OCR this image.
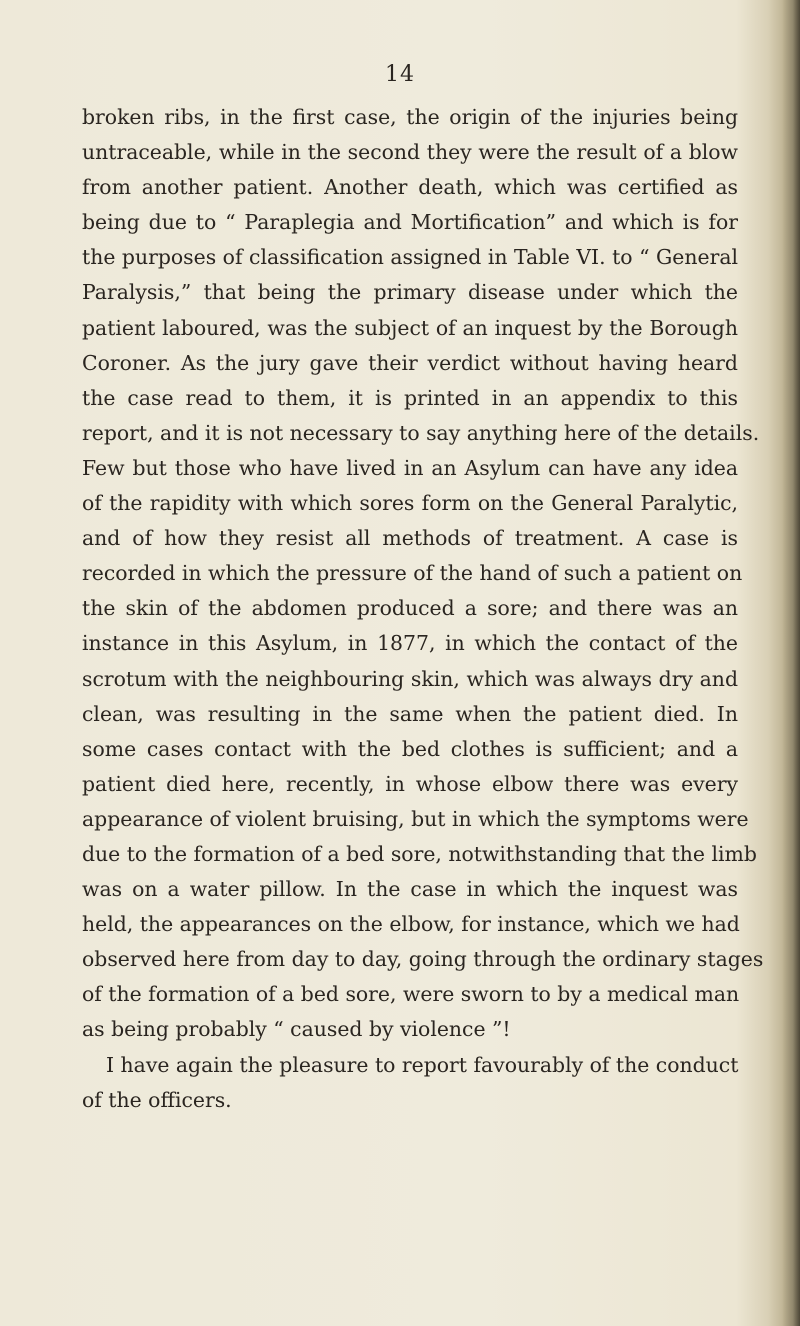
14
broken ribs, in the first case, the origin of the injuries being
untraceable, while in the second they were the result of a blow
from another patient. Another death, which was certified as
being due to “ Paraplegia and Mortification” and which is for
the purposes of classification assigned in Table VI. to “ General
Paralysis,” that being the primary disease under which the
patient laboured, was the subject of an inquest by the Borough
Coroner. As the jury gave their verdict without having heard
the case read to them, it is printed in an appendix to this
report, and it is not necessary to say anything here of the details.
Few but those who have lived in an Asylum can have any idea
of the rapidity with which sores form on the General Paralytic,
and of how they resist all methods of treatment. A case is
recorded in which the pressure of the hand of such a patient on
the skin of the abdomen produced a sore; and there was an
instance in this Asylum, in 1877, in which the contact of the
scrotum with the neighbouring skin, which was always dry and
clean, was resulting in the same when the patient died. In
some cases contact with the bed clothes is sufficient; and a
patient died here, recently, in whose elbow there was every
appearance of violent bruising, but in which the symptoms were
due to the formation of a bed sore, notwithstanding that the limb
was on a water pillow. In the case in which the inquest was
held, the appearances on the elbow, for instance, which we had
observed here from day to day, going through the ordinary stages
of the formation of a bed sore, were sworn to by a medical man
as being probably “ caused by violence ”!
I have again the pleasure to report favourably of the conduct
of the officers.
